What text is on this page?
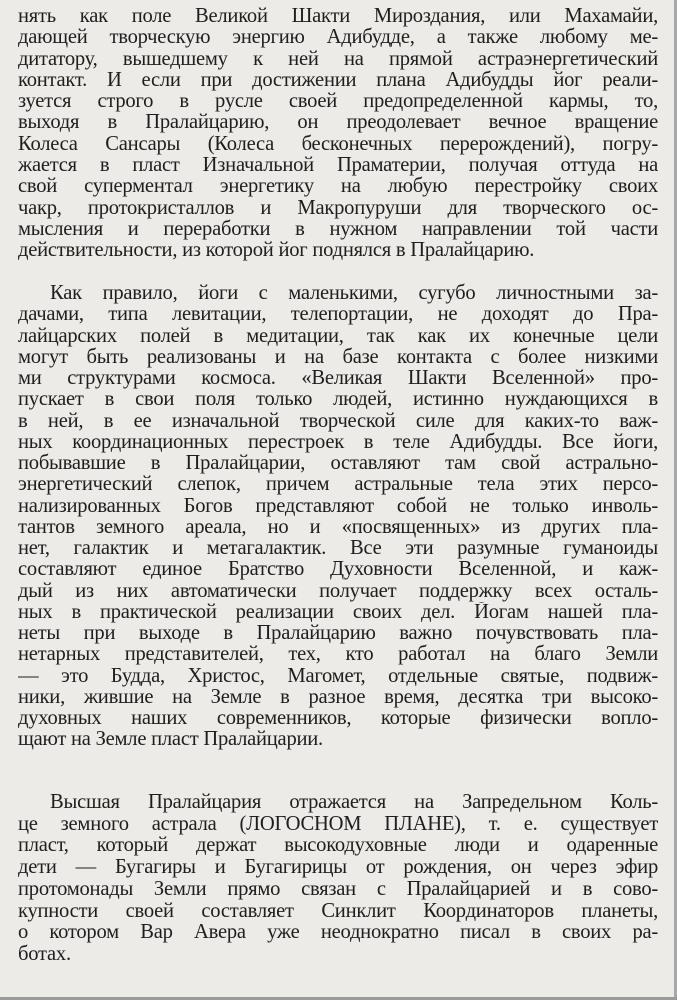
нять как поле Великой Шакти Мироздания, или Махамайи,
дающей творческую энергию Адибудде, а также любому ме-
дитатору, вышедшему к ней на прямой астраэнергетический
контакт. И если при достижении плана Адибудды йог реали-
зуется строго в русле своей предопределенной кармы, то,
выходя в Пралайцарию, он преодолевает вечное вращение
Колеса Сансары (Колеса бесконечных перерождений), погру-
жается в пласт Изначальной Праматерии, получая оттуда на
свой суперментал энергетику на любую перестройку своих
чакр, протокристаллов и Макропуруши для творческого ос-
мысления и переработки в нужном направлении той части
действительности, из которой йог поднялся в Пралайцарию.
Как правило, йоги с маленькими, сугубо личностными за-
дачами, типа левитации, телепортации, не доходят до Пра-
лайцарских полей в медитации, так как их конечные цели
могут быть реализованы и на базе контакта с более низкими
ми структурами космоса. «Великая Шакти Вселенной» про-
пускает в свои поля только людей, истинно нуждающихся в
в ней, в ее изначальной творческой силе для каких-то важ-
ных координационных перестроек в теле Адибудды. Все йоги,
побывавшие в Пралайцарии, оставляют там свой астрально-
энергетический слепок, причем астральные тела этих персо-
нализированных Богов представляют собой не только инволь-
тантов земного ареала, но и «посвященных» из других пла-
нет, галактик и метагалактик. Все эти разумные гуманоиды
составляют единое Братство Духовности Вселенной, и каж-
дый из них автоматически получает поддержку всех осталь-
ных в практической реализации своих дел. Йогам нашей пла-
неты при выходе в Пралайцарию важно почувствовать пла-
нетарных представителей, тех, кто работал на благо Земли
— это Будда, Христос, Магомет, отдельные святые, подвиж-
ники, жившие на Земле в разное время, десятка три высоко-
духовных наших современников, которые физически вопло-
щают на Земле пласт Пралайцарии.
Высшая Пралайцария отражается на Запредельном Коль-
це земного астрала (ЛОГОСНОМ ПЛАНЕ), т. е. существует
пласт, который держат высокодуховные люди и одаренные
дети — Бугагиры и Бугагирицы от рождения, он через эфир
протомонады Земли прямо связан с Пралайцарией и в сово-
купности своей составляет Синклит Координаторов планеты,
о котором Вар Авера уже неоднократно писал в своих ра-
ботах.
